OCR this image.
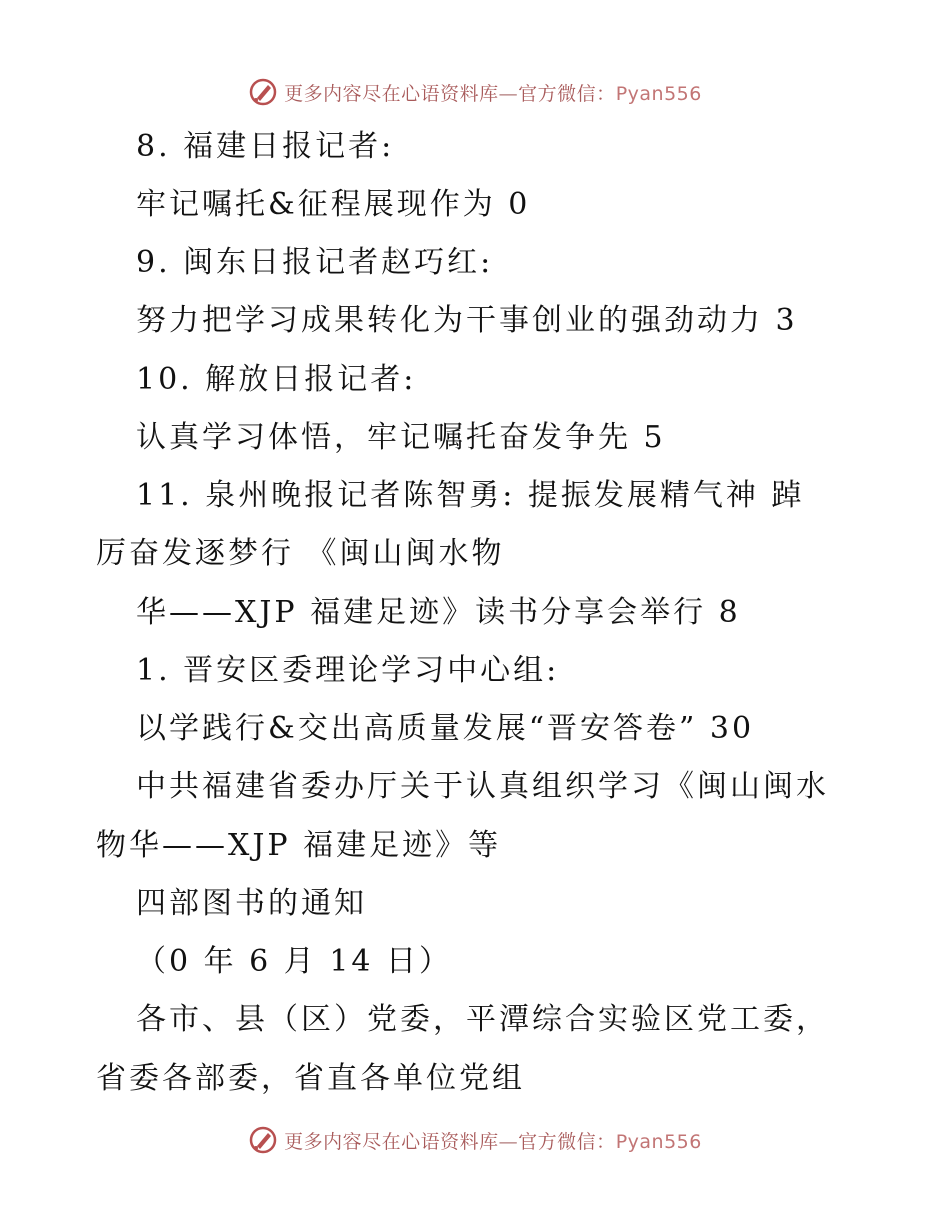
更多内容尽在心语资料库—官方微信：Pyan556
8. 福建日报记者:
牢记嘱托&征程展现作为 0
9. 闽东日报记者赵巧红:
努力把学习成果转化为干事创业的强劲动力 3
10. 解放日报记者:
认真学习体悟，牢记嘱托奋发争先 5
11. 泉州晚报记者陈智勇: 提振发展精气神 踔
厉奋发逐梦行 《闽山闽水物
华——XJP 福建足迹》读书分享会举行 8
1. 晋安区委理论学习中心组:
以学践行&交出高质量发展“晋安答卷” 30
中共福建省委办厅关于认真组织学习《闽山闽水
物华——XJP 福建足迹》等
四部图书的通知
（0 年 6 月 14 日）
各市、县（区）党委，平潭综合实验区党工委，
省委各部委，省直各单位党组
更多内容尽在心语资料库—官方微信：Pyan556
